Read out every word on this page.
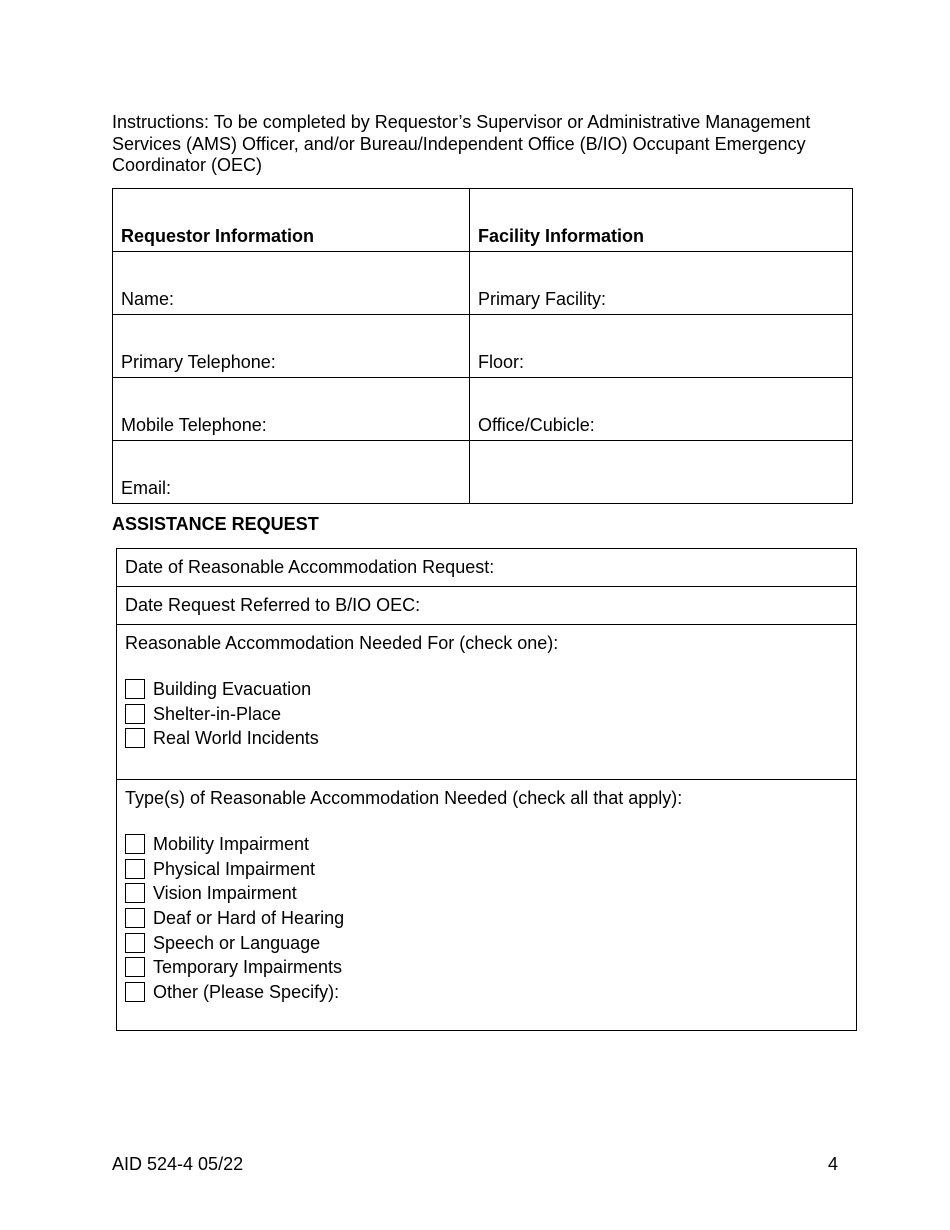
Instructions: To be completed by Requestor’s Supervisor or Administrative Management Services (AMS) Officer, and/or Bureau/Independent Office (B/IO) Occupant Emergency Coordinator (OEC)

Requestor Information	Facility Information
Name:	Primary Facility:
Primary Telephone:	Floor:
Mobile Telephone:	Office/Cubicle:
Email:	

ASSISTANCE REQUEST

Date of Reasonable Accommodation Request:
Date Request Referred to B/IO OEC:
Reasonable Accommodation Needed For (check one):
Building Evacuation
Shelter-in-Place
Real World Incidents
Type(s) of Reasonable Accommodation Needed (check all that apply):
Mobility Impairment
Physical Impairment
Vision Impairment
Deaf or Hard of Hearing
Speech or Language
Temporary Impairments
Other (Please Specify):

AID 524-4 05/22	4
